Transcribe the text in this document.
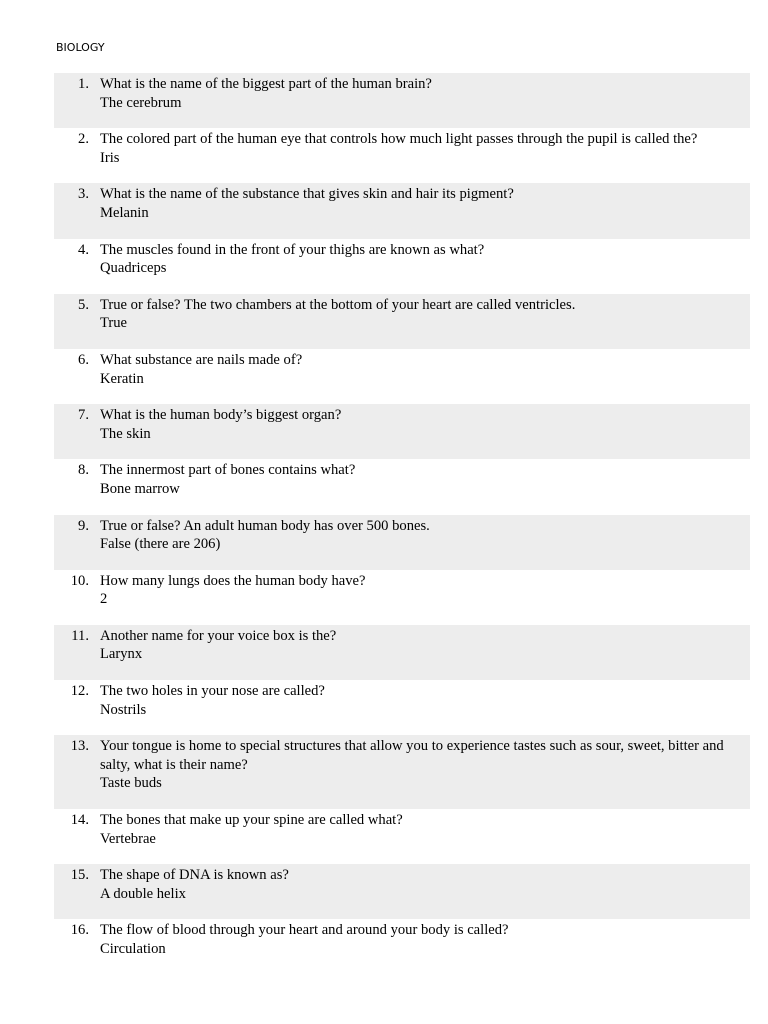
BIOLOGY
1. What is the name of the biggest part of the human brain?
The cerebrum
2. The colored part of the human eye that controls how much light passes through the pupil is called the?
Iris
3. What is the name of the substance that gives skin and hair its pigment?
Melanin
4. The muscles found in the front of your thighs are known as what?
Quadriceps
5. True or false? The two chambers at the bottom of your heart are called ventricles.
True
6. What substance are nails made of?
Keratin
7. What is the human body’s biggest organ?
The skin
8. The innermost part of bones contains what?
Bone marrow
9. True or false? An adult human body has over 500 bones.
False (there are 206)
10. How many lungs does the human body have?
2
11. Another name for your voice box is the?
Larynx
12. The two holes in your nose are called?
Nostrils
13. Your tongue is home to special structures that allow you to experience tastes such as sour, sweet, bitter and salty, what is their name?
Taste buds
14. The bones that make up your spine are called what?
Vertebrae
15. The shape of DNA is known as?
A double helix
16. The flow of blood through your heart and around your body is called?
Circulation
